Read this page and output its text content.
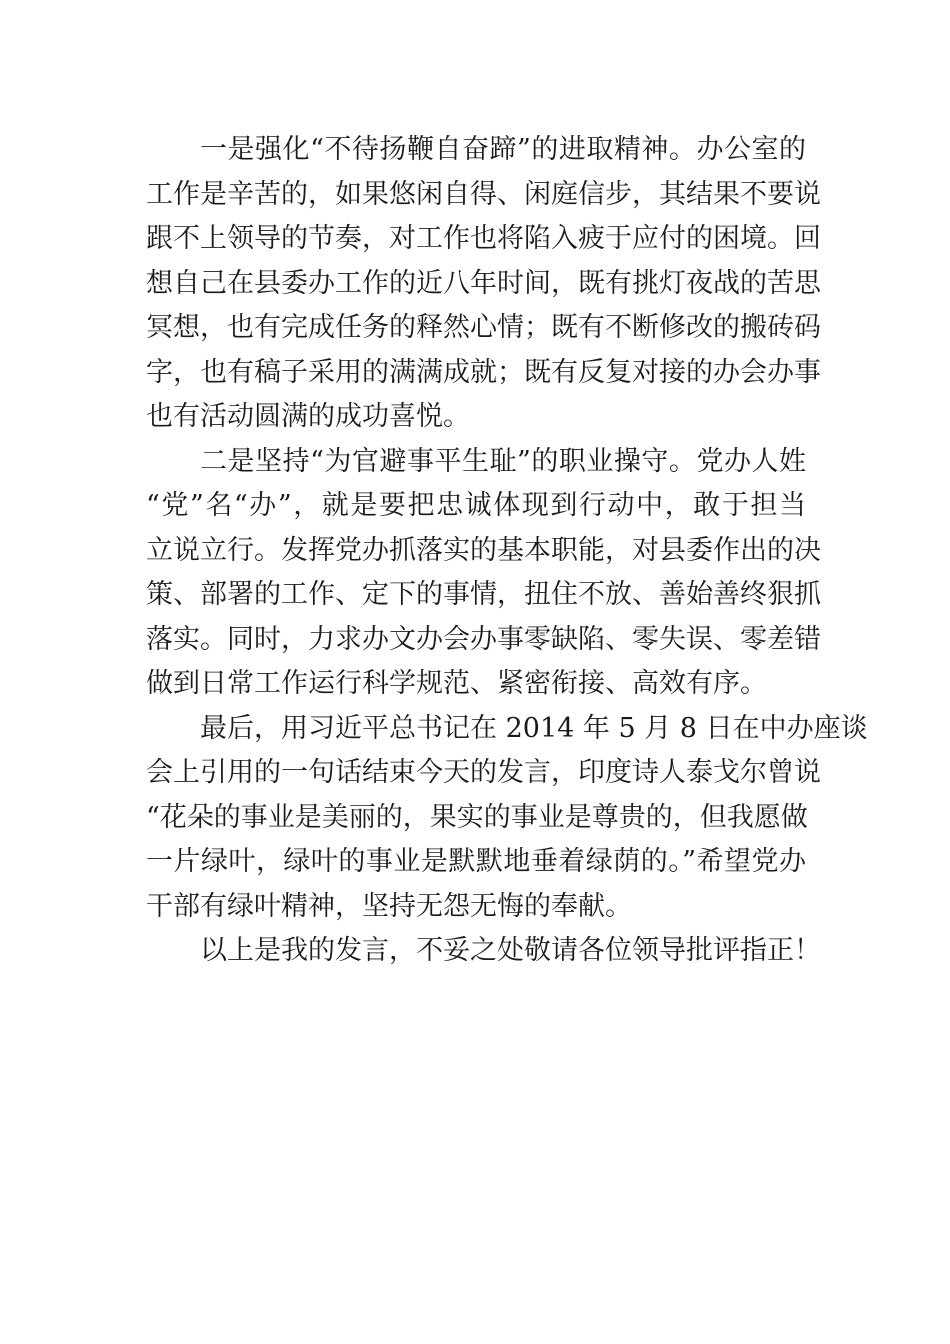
一是强化“不待扬鞭自奋蹄”的进取精神。办公室的
工作是辛苦的，如果悠闲自得、闲庭信步，其结果不要说
跟不上领导的节奏，对工作也将陷入疲于应付的困境。回
想自己在县委办工作的近八年时间，既有挑灯夜战的苦思
冥想，也有完成任务的释然心情；既有不断修改的搬砖码
字，也有稿子采用的满满成就；既有反复对接的办会办事
也有活动圆满的成功喜悦。
二是坚持“为官避事平生耻”的职业操守。党办人姓
“党”名“办”，就是要把忠诚体现到行动中，敢于担当
立说立行。发挥党办抓落实的基本职能，对县委作出的决
策、部署的工作、定下的事情，扭住不放、善始善终狠抓
落实。同时，力求办文办会办事零缺陷、零失误、零差错
做到日常工作运行科学规范、紧密衔接、高效有序。
最后，用习近平总书记在 2014 年 5 月 8 日在中办座谈
会上引用的一句话结束今天的发言，印度诗人泰戈尔曾说
“花朵的事业是美丽的，果实的事业是尊贵的，但我愿做
一片绿叶，绿叶的事业是默默地垂着绿荫的。”希望党办
干部有绿叶精神，坚持无怨无悔的奉献。
以上是我的发言，不妥之处敬请各位领导批评指正！
